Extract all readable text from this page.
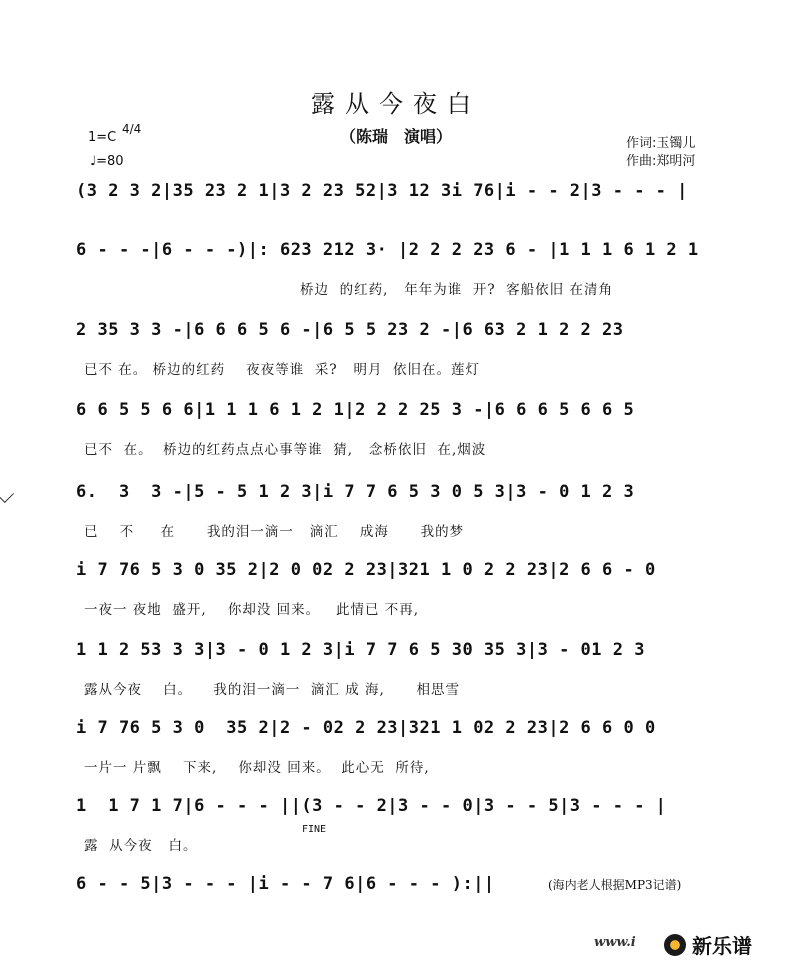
露从今夜白
（陈瑞　演唱）
1=C
4/4
♩=80
作词:玉镯儿
作曲:郑明河
(3 2 3 2|35 23 2 1|3 2 23 52|3 12 3i 76|i - - 2|3 - - - |
6 - - -|6 - - -)|: 623 212 3· |2 2 2 23 6 - |1 1 1 6 1 2 1
桥边  的红药,   年年为谁  开?  客船依旧 在清角
2 35 3 3 -|6 6 6 5 6 -|6 5 5 23 2 -|6 63 2 1 2 2 23
已不 在。 桥边的红药    夜夜等谁  采?   明月  依旧在。莲灯
6 6 5 5 6 6|1 1 1 6 1 2 1|2 2 2 25 3 -|6 6 6 5 6 6 5
已不  在。  桥边的红药点点心事等谁  猜,   念桥依旧  在,烟波
6.  3  3 -|5 - 5 1 2 3|i 7 7 6 5 3 0 5 3|3 - 0 1 2 3
已    不     在      我的泪一滴一   滴汇    成海      我的梦
i 7 76 5 3 0 35 2|2 0 02 2 23|321 1 0 2 2 23|2 6 6 - 0
一夜一 夜地  盛开,    你却没 回来。   此情已 不再,
1 1 2 53 3 3|3 - 0 1 2 3|i 7 7 6 5 30 35 3|3 - 01 2 3
露从今夜    白。    我的泪一滴一  滴汇 成 海,      相思雪
i 7 76 5 3 0  35 2|2 - 02 2 23|321 1 02 2 23|2 6 6 0 0
一片一 片飘    下来,    你却没 回来。  此心无  所待,
1  1 7 1 7|6 - - - ||(3 - - 2|3 - - 0|3 - - 5|3 - - - |
FINE
露  从今夜   白。
6 - - 5|3 - - - |i - - 7 6|6 - - - ):||	(海内老人根据MP3记谱)
www.i	新乐谱
